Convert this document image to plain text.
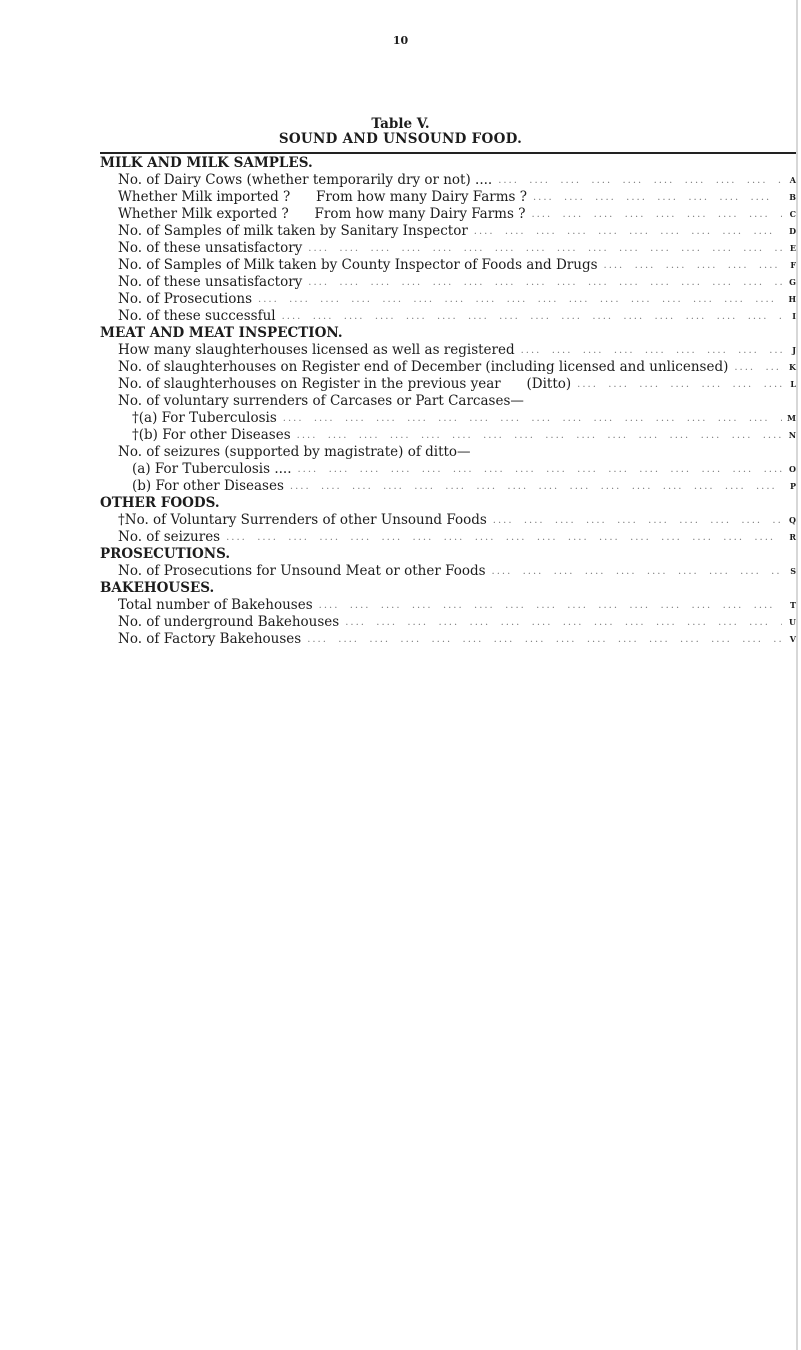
10
Table V.
SOUND AND UNSOUND FOOD.
MILK AND MILK SAMPLES.
No. of Dairy Cows (whether temporarily dry or not) .... ....	A
Whether Milk imported ?      From how many Dairy Farms ? ....	B
Whether Milk exported ?      From how many Dairy Farms ? ....	C
No. of Samples of milk taken by Sanitary Inspector ....	D
No. of these unsatisfactory ....	E
No. of Samples of Milk taken by County Inspector of Foods and Drugs ....	F
No. of these unsatisfactory ....	G
No. of Prosecutions ....	H
No. of these successful ....	I
MEAT AND MEAT INSPECTION.
How many slaughterhouses licensed as well as registered ....	J
No. of slaughterhouses on Register end of December (including licensed and unlicensed) ....	K
No. of slaughterhouses on Register in the previous year      (Ditto) ....	L
No. of voluntary surrenders of Carcases or Part Carcases—
†(a) For Tuberculosis ....	M
†(b) For other Diseases ....	N
No. of seizures (supported by magistrate) of ditto—
(a) For Tuberculosis .... ....	O
(b) For other Diseases ....	P
OTHER FOODS.
†No. of Voluntary Surrenders of other Unsound Foods ....	Q
No. of seizures ....	R
PROSECUTIONS.
No. of Prosecutions for Unsound Meat or other Foods ....	S
BAKEHOUSES.
Total number of Bakehouses ....	T
No. of underground Bakehouses ....	U
No. of Factory Bakehouses ....	V
